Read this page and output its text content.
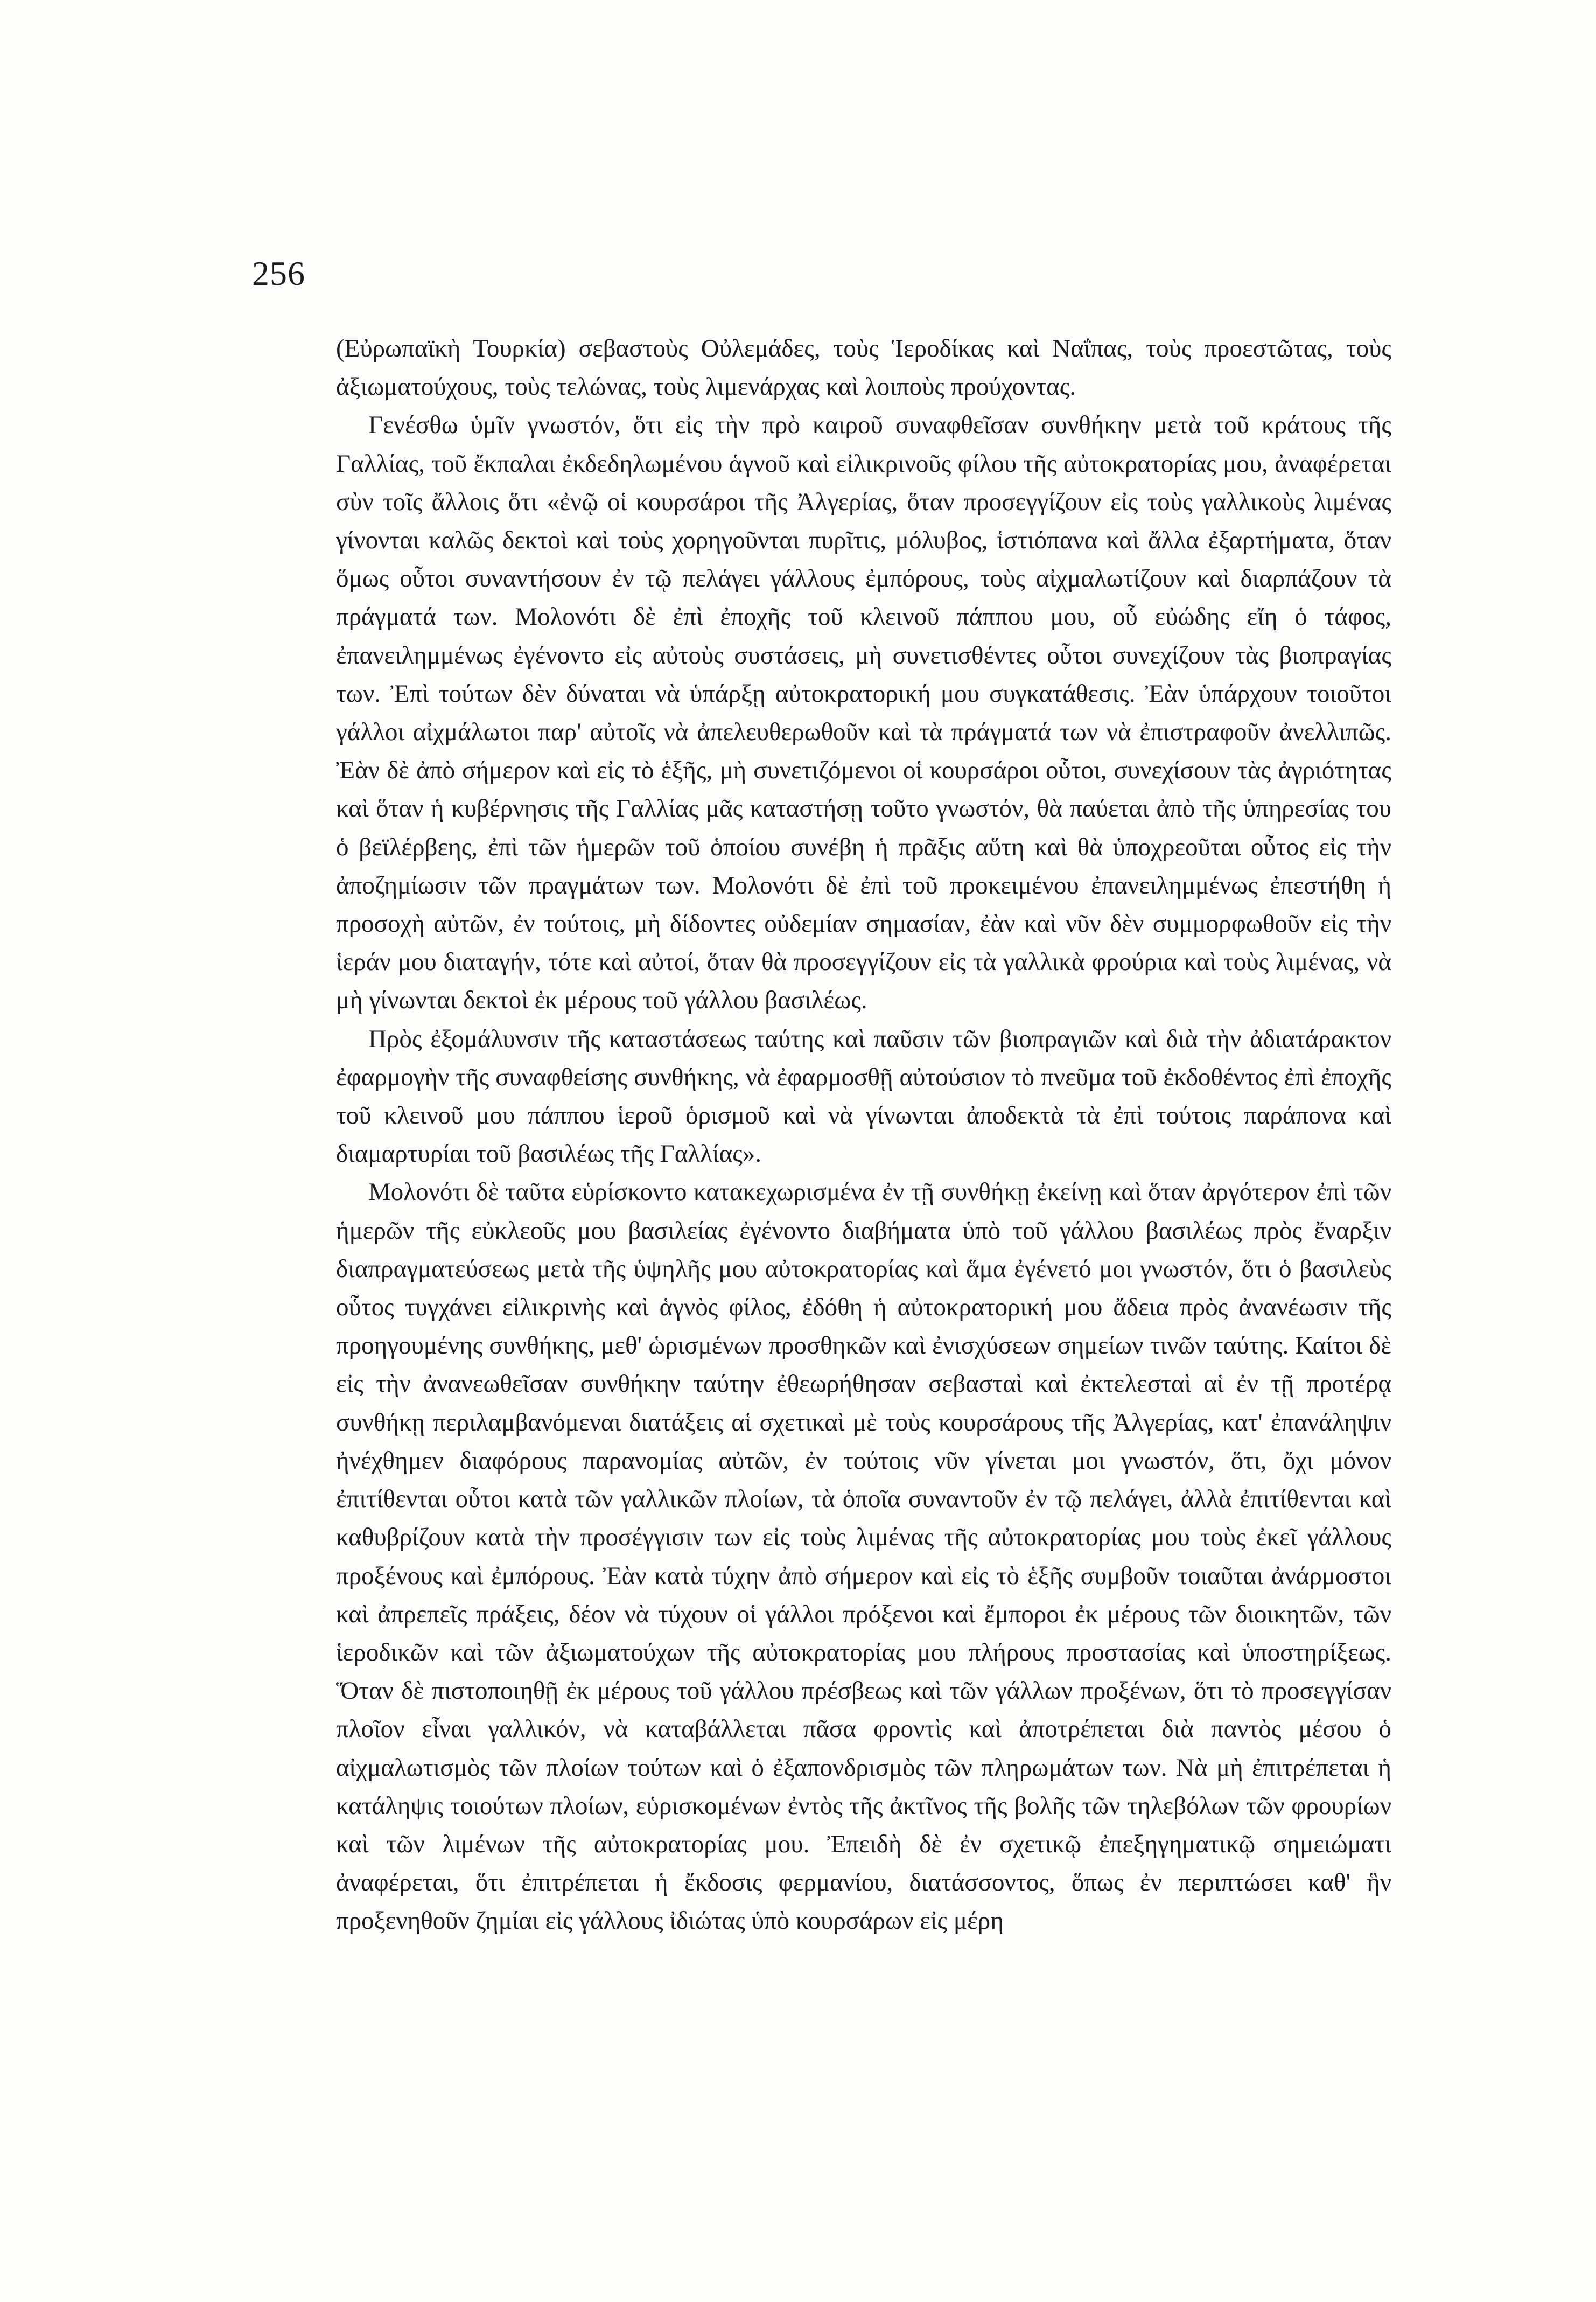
256

(Εὐρωπαϊκὴ Τουρκία) σεβαστοὺς Οὐλεμάδες, τοὺς Ἱεροδίκας καὶ Ναΐπας, τοὺς προεστῶτας, τοὺς ἀξιωματούχους, τοὺς τελώνας, τοὺς λιμενάρχας καὶ λοιποὺς προύχοντας.

Γενέσθω ὑμῖν γνωστόν, ὅτι εἰς τὴν πρὸ καιροῦ συναφθεῖσαν συνθήκην μετὰ τοῦ κράτους τῆς Γαλλίας, τοῦ ἔκπαλαι ἐκδεδηλωμένου ἁγνοῦ καὶ εἰλικρινοῦς φίλου τῆς αὐτοκρατορίας μου, ἀναφέρεται σὺν τοῖς ἄλλοις ὅτι «ἐνῷ οἱ κουρσάροι τῆς Ἀλγερίας, ὅταν προσεγγίζουν εἰς τοὺς γαλλικοὺς λιμένας γίνονται καλῶς δεκτοὶ καὶ τοὺς χορηγοῦνται πυρῖτις, μόλυβος, ἱστιόπανα καὶ ἄλλα ἐξαρτήματα, ὅταν ὅμως οὗτοι συναντήσουν ἐν τῷ πελάγει γάλλους ἐμπόρους, τοὺς αἰχμαλωτίζουν καὶ διαρπάζουν τὰ πράγματά των. Μολονότι δὲ ἐπὶ ἐποχῆς τοῦ κλεινοῦ πάππου μου, οὗ εὐώδης εἴη ὁ τάφος, ἐπανειλημμένως ἐγένοντο εἰς αὐτοὺς συστάσεις, μὴ συνετισθέντες οὗτοι συνεχίζουν τὰς βιοπραγίας των. Ἐπὶ τούτων δὲν δύναται νὰ ὑπάρξῃ αὐτοκρατορική μου συγκατάθεσις. Ἐὰν ὑπάρχουν τοιοῦτοι γάλλοι αἰχμάλωτοι παρ' αὐτοῖς νὰ ἀπελευθερωθοῦν καὶ τὰ πράγματά των νὰ ἐπιστραφοῦν ἀνελλιπῶς. Ἐὰν δὲ ἀπὸ σήμερον καὶ εἰς τὸ ἑξῆς, μὴ συνετιζόμενοι οἱ κουρσάροι οὗτοι, συνεχίσουν τὰς ἀγριότητας καὶ ὅταν ἡ κυβέρνησις τῆς Γαλλίας μᾶς καταστήσῃ τοῦτο γνωστόν, θὰ παύεται ἀπὸ τῆς ὑπηρεσίας του ὁ βεϊλέρβεης, ἐπὶ τῶν ἡμερῶν τοῦ ὁποίου συνέβη ἡ πρᾶξις αὕτη καὶ θὰ ὑποχρεοῦται οὗτος εἰς τὴν ἀποζημίωσιν τῶν πραγμάτων των. Μολονότι δὲ ἐπὶ τοῦ προκειμένου ἐπανειλημμένως ἐπεστήθη ἡ προσοχὴ αὐτῶν, ἐν τούτοις, μὴ δίδοντες οὐδεμίαν σημασίαν, ἐὰν καὶ νῦν δὲν συμμορφωθοῦν εἰς τὴν ἱεράν μου διαταγήν, τότε καὶ αὐτοί, ὅταν θὰ προσεγγίζουν εἰς τὰ γαλλικὰ φρούρια καὶ τοὺς λιμένας, νὰ μὴ γίνωνται δεκτοὶ ἐκ μέρους τοῦ γάλλου βασιλέως.

Πρὸς ἐξομάλυνσιν τῆς καταστάσεως ταύτης καὶ παῦσιν τῶν βιοπραγιῶν καὶ διὰ τὴν ἀδιατάρακτον ἐφαρμογὴν τῆς συναφθείσης συνθήκης, νὰ ἐφαρμοσθῇ αὐτούσιον τὸ πνεῦμα τοῦ ἐκδοθέντος ἐπὶ ἐποχῆς τοῦ κλεινοῦ μου πάππου ἱεροῦ ὁρισμοῦ καὶ νὰ γίνωνται ἀποδεκτὰ τὰ ἐπὶ τούτοις παράπονα καὶ διαμαρτυρίαι τοῦ βασιλέως τῆς Γαλλίας».

Μολονότι δὲ ταῦτα εὑρίσκοντο κατακεχωρισμένα ἐν τῇ συνθήκῃ ἐκείνῃ καὶ ὅταν ἀργότερον ἐπὶ τῶν ἡμερῶν τῆς εὐκλεοῦς μου βασιλείας ἐγένοντο διαβήματα ὑπὸ τοῦ γάλλου βασιλέως πρὸς ἔναρξιν διαπραγματεύσεως μετὰ τῆς ὑψηλῆς μου αὐτοκρατορίας καὶ ἅμα ἐγένετό μοι γνωστόν, ὅτι ὁ βασιλεὺς οὗτος τυγχάνει εἰλικρινὴς καὶ ἁγνὸς φίλος, ἐδόθη ἡ αὐτοκρατορική μου ἄδεια πρὸς ἀνανέωσιν τῆς προηγουμένης συνθήκης, μεθ' ὡρισμένων προσθηκῶν καὶ ἐνισχύσεων σημείων τινῶν ταύτης. Καίτοι δὲ εἰς τὴν ἀνανεωθεῖσαν συνθήκην ταύτην ἐθεωρήθησαν σεβασταὶ καὶ ἐκτελεσταὶ αἱ ἐν τῇ προτέρᾳ συνθήκῃ περιλαμβανόμεναι διατάξεις αἱ σχετικαὶ μὲ τοὺς κουρσάρους τῆς Ἀλγερίας, κατ' ἐπανάληψιν ἠνέχθημεν διαφόρους παρανομίας αὐτῶν, ἐν τούτοις νῦν γίνεται μοι γνωστόν, ὅτι, ὄχι μόνον ἐπιτίθενται οὗτοι κατὰ τῶν γαλλικῶν πλοίων, τὰ ὁποῖα συναντοῦν ἐν τῷ πελάγει, ἀλλὰ ἐπιτίθενται καὶ καθυβρίζουν κατὰ τὴν προσέγγισιν των εἰς τοὺς λιμένας τῆς αὐτοκρατορίας μου τοὺς ἐκεῖ γάλλους προξένους καὶ ἐμπόρους. Ἐὰν κατὰ τύχην ἀπὸ σήμερον καὶ εἰς τὸ ἑξῆς συμβοῦν τοιαῦται ἀνάρμοστοι καὶ ἀπρεπεῖς πράξεις, δέον νὰ τύχουν οἱ γάλλοι πρόξενοι καὶ ἔμποροι ἐκ μέρους τῶν διοικητῶν, τῶν ἱεροδικῶν καὶ τῶν ἀξιωματούχων τῆς αὐτοκρατορίας μου πλήρους προστασίας καὶ ὑποστηρίξεως. Ὅταν δὲ πιστοποιηθῇ ἐκ μέρους τοῦ γάλλου πρέσβεως καὶ τῶν γάλλων προξένων, ὅτι τὸ προσεγγίσαν πλοῖον εἶναι γαλλικόν, νὰ καταβάλλεται πᾶσα φροντὶς καὶ ἀποτρέπεται διὰ παντὸς μέσου ὁ αἰχμαλωτισμὸς τῶν πλοίων τούτων καὶ ὁ ἐξαπονδρισμὸς τῶν πληρωμάτων των. Νὰ μὴ ἐπιτρέπεται ἡ κατάληψις τοιούτων πλοίων, εὑρισκομένων ἐντὸς τῆς ἀκτῖνος τῆς βολῆς τῶν τηλεβόλων τῶν φρουρίων καὶ τῶν λιμένων τῆς αὐτοκρατορίας μου. Ἐπειδὴ δὲ ἐν σχετικῷ ἐπεξηγηματικῷ σημειώματι ἀναφέρεται, ὅτι ἐπιτρέπεται ἡ ἔκδοσις φερμανίου, διατάσσοντος, ὅπως ἐν περιπτώσει καθ' ἣν προξενηθοῦν ζημίαι εἰς γάλλους ἰδιώτας ὑπὸ κουρσάρων εἰς μέρη
